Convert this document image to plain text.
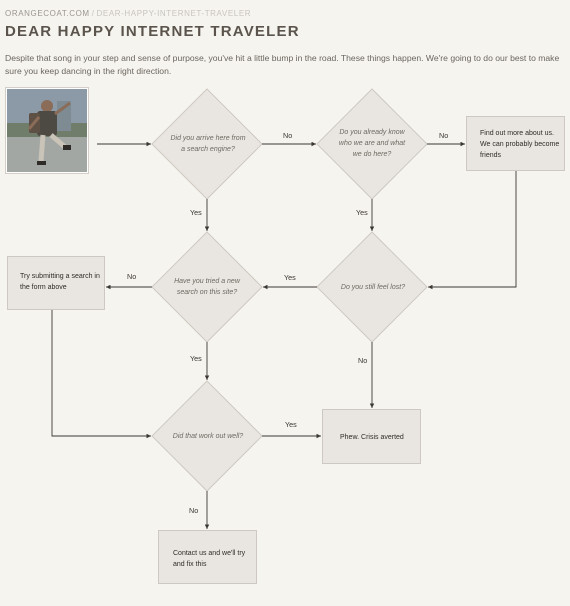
ORANGECOAT.COM / DEAR-HAPPY-INTERNET-TRAVELER
DEAR HAPPY INTERNET TRAVELER

Despite that song in your step and sense of purpose, you've hit a little bump in the road. These things happen. We're going to do our best to make sure you keep dancing in the right direction.

Did you arrive here from a search engine?
Do you already know who we are and what we do here?
Have you tried a new search on this site?
Do you still feel lost?
Did that work out well?
Find out more about us. We can probably become friends
Try submitting a search in the form above
Phew. Crisis averted
Contact us and we'll try and fix this
No	No
Yes	Yes
Yes
No
Yes	No
Yes
No
